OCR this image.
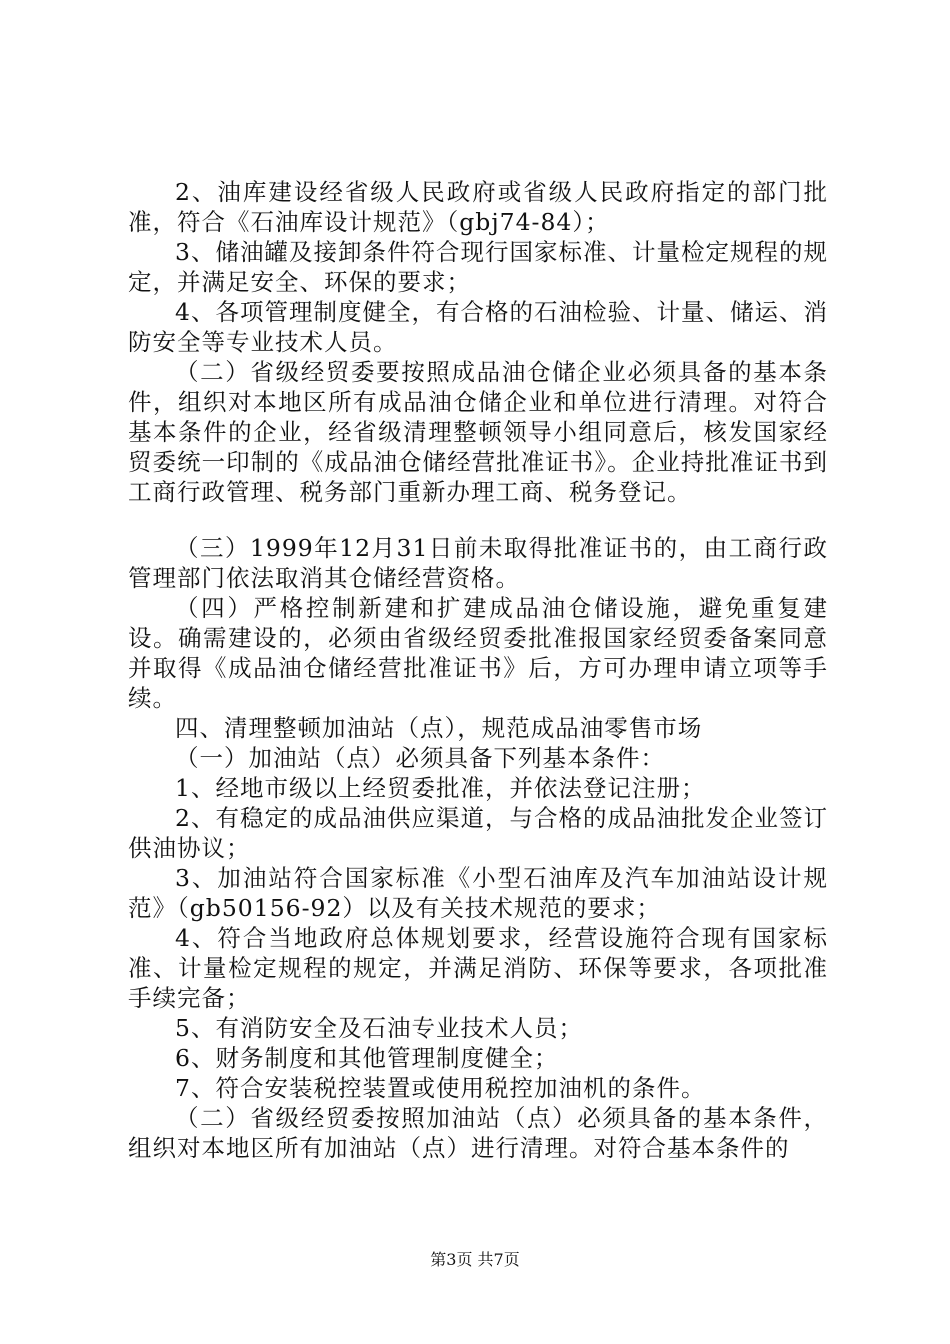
2、油库建设经省级人民政府或省级人民政府指定的部门批准，符合《石油库设计规范》（gbj74-84）；

3、储油罐及接卸条件符合现行国家标准、计量检定规程的规定，并满足安全、环保的要求；

4、各项管理制度健全，有合格的石油检验、计量、储运、消防安全等专业技术人员。

（二）省级经贸委要按照成品油仓储企业必须具备的基本条件，组织对本地区所有成品油仓储企业和单位进行清理。对符合基本条件的企业，经省级清理整顿领导小组同意后，核发国家经贸委统一印制的《成品油仓储经营批准证书》。企业持批准证书到工商行政管理、税务部门重新办理工商、税务登记。

（三）1999年12月31日前未取得批准证书的，由工商行政管理部门依法取消其仓储经营资格。

（四）严格控制新建和扩建成品油仓储设施，避免重复建设。确需建设的，必须由省级经贸委批准报国家经贸委备案同意并取得《成品油仓储经营批准证书》后，方可办理申请立项等手续。

四、清理整顿加油站（点），规范成品油零售市场

（一）加油站（点）必须具备下列基本条件：

1、经地市级以上经贸委批准，并依法登记注册；

2、有稳定的成品油供应渠道，与合格的成品油批发企业签订供油协议；

3、加油站符合国家标准《小型石油库及汽车加油站设计规范》（gb50156-92）以及有关技术规范的要求；

4、符合当地政府总体规划要求，经营设施符合现有国家标准、计量检定规程的规定，并满足消防、环保等要求，各项批准手续完备；

5、有消防安全及石油专业技术人员；

6、财务制度和其他管理制度健全；

7、符合安装税控装置或使用税控加油机的条件。

（二）省级经贸委按照加油站（点）必须具备的基本条件，组织对本地区所有加油站（点）进行清理。对符合基本条件的

第3页 共7页
